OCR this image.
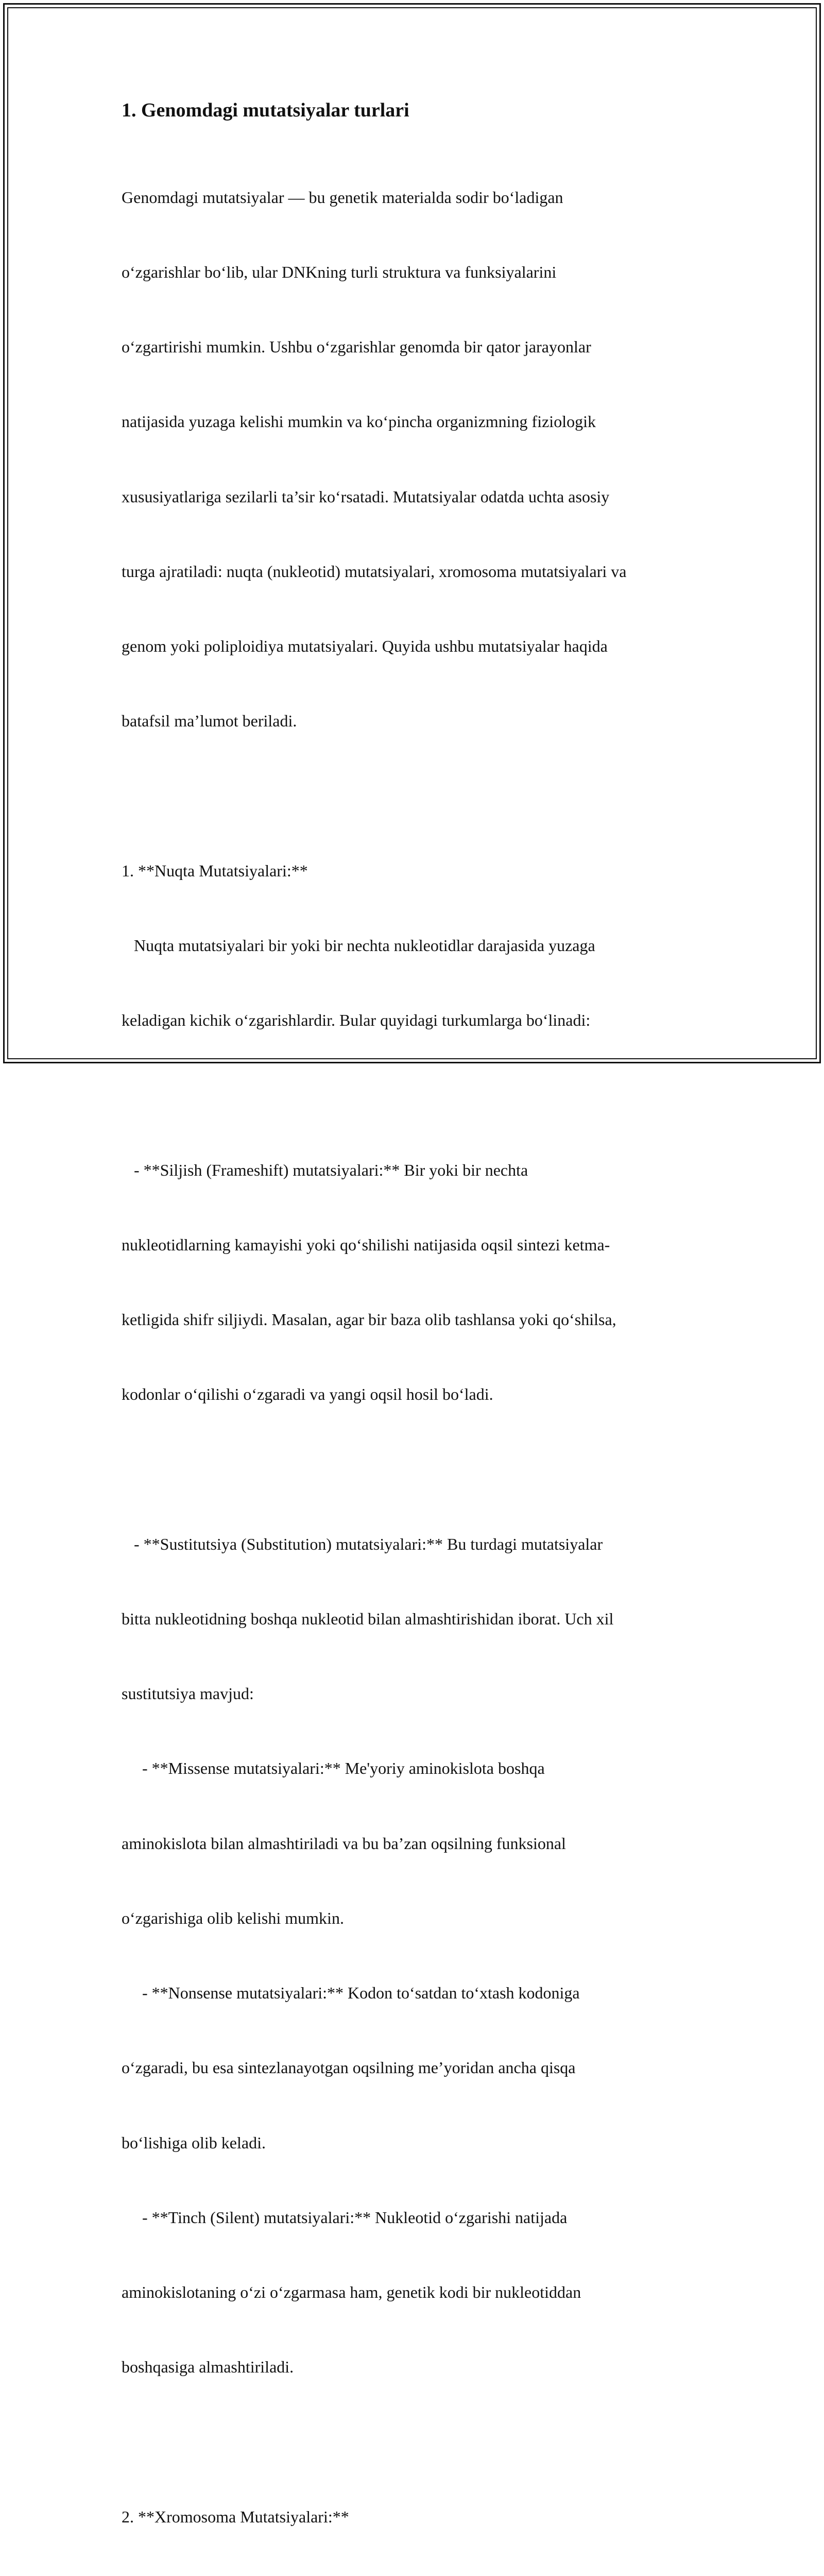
1. Genomdagi mutatsiyalar turlari

Genomdagi mutatsiyalar — bu genetik materialda sodir bo‘ladigan

o‘zgarishlar bo‘lib, ular DNKning turli struktura va funksiyalarini

o‘zgartirishi mumkin. Ushbu o‘zgarishlar genomda bir qator jarayonlar

natijasida yuzaga kelishi mumkin va ko‘pincha organizmning fiziologik

xususiyatlariga sezilarli ta’sir ko‘rsatadi. Mutatsiyalar odatda uchta asosiy

turga ajratiladi: nuqta (nukleotid) mutatsiyalari, xromosoma mutatsiyalari va

genom yoki poliploidiya mutatsiyalari. Quyida ushbu mutatsiyalar haqida

batafsil ma’lumot beriladi.

1. **Nuqta Mutatsiyalari:**

Nuqta mutatsiyalari bir yoki bir nechta nukleotidlar darajasida yuzaga

keladigan kichik o‘zgarishlardir. Bular quyidagi turkumlarga bo‘linadi:

- **Siljish (Frameshift) mutatsiyalari:** Bir yoki bir nechta

nukleotidlarning kamayishi yoki qo‘shilishi natijasida oqsil sintezi ketma-

ketligida shifr siljiydi. Masalan, agar bir baza olib tashlansa yoki qo‘shilsa,

kodonlar o‘qilishi o‘zgaradi va yangi oqsil hosil bo‘ladi.

- **Sustitutsiya (Substitution) mutatsiyalari:** Bu turdagi mutatsiyalar

bitta nukleotidning boshqa nukleotid bilan almashtirishidan iborat. Uch xil

sustitutsiya mavjud:

- **Missense mutatsiyalari:** Me'yoriy aminokislota boshqa

aminokislota bilan almashtiriladi va bu ba’zan oqsilning funksional

o‘zgarishiga olib kelishi mumkin.

- **Nonsense mutatsiyalari:** Kodon to‘satdan to‘xtash kodoniga

o‘zgaradi, bu esa sintezlanayotgan oqsilning me’yoridan ancha qisqa

bo‘lishiga olib keladi.

- **Tinch (Silent) mutatsiyalari:** Nukleotid o‘zgarishi natijada

aminokislotaning o‘zi o‘zgarmasa ham, genetik kodi bir nukleotiddan

boshqasiga almashtiriladi.

2. **Xromosoma Mutatsiyalari:**
